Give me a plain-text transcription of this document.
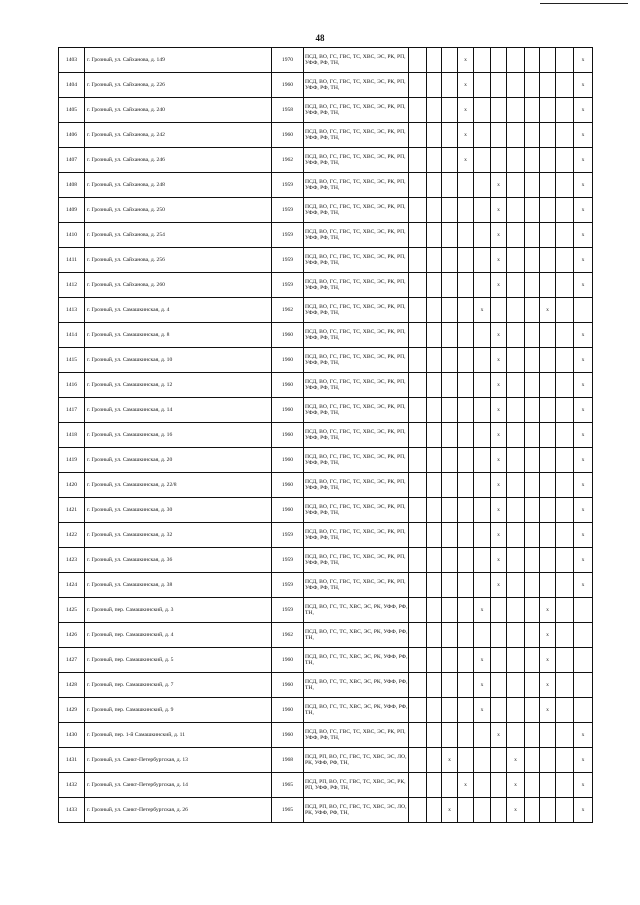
48
1403	г. Грозный, ул. Сайханова, д. 149	1970	ПСД, ВО, ГС, ГВС, ТС, ХВС, ЭС, РК, РП, УФФ, РФ, ТН,				x							x
1404	г. Грозный, ул. Сайханова, д. 226	1960	ПСД, ВО, ГС, ГВС, ТС, ХВС, ЭС, РК, РП, УФФ, РФ, ТН,				x							x
1405	г. Грозный, ул. Сайханова, д. 240	1958	ПСД, ВО, ГС, ГВС, ТС, ХВС, ЭС, РК, РП, УФФ, РФ, ТН,				x							x
1406	г. Грозный, ул. Сайханова, д. 242	1960	ПСД, ВО, ГС, ГВС, ТС, ХВС, ЭС, РК, РП, УФФ, РФ, ТН,				x							x
1407	г. Грозный, ул. Сайханова, д. 246	1962	ПСД, ВО, ГС, ГВС, ТС, ХВС, ЭС, РК, РП, УФФ, РФ, ТН,				x							x
1408	г. Грозный, ул. Сайханова, д. 248	1959	ПСД, ВО, ГС, ГВС, ТС, ХВС, ЭС, РК, РП, УФФ, РФ, ТН,						x					x
1409	г. Грозный, ул. Сайханова, д. 250	1959	ПСД, ВО, ГС, ГВС, ТС, ХВС, ЭС, РК, РП, УФФ, РФ, ТН,						x					x
1410	г. Грозный, ул. Сайханова, д. 254	1959	ПСД, ВО, ГС, ГВС, ТС, ХВС, ЭС, РК, РП, УФФ, РФ, ТН,						x					x
1411	г. Грозный, ул. Сайханова, д. 256	1959	ПСД, ВО, ГС, ГВС, ТС, ХВС, ЭС, РК, РП, УФФ, РФ, ТН,						x					x
1412	г. Грозный, ул. Сайханова, д. 260	1959	ПСД, ВО, ГС, ГВС, ТС, ХВС, ЭС, РК, РП, УФФ, РФ, ТН,						x					x
1413	г. Грозный, ул. Самашкинская, д. 4	1962	ПСД, ВО, ГС, ГВС, ТС, ХВС, ЭС, РК, РП, УФФ, РФ, ТН,					x				x		
1414	г. Грозный, ул. Самашкинская, д. 8	1960	ПСД, ВО, ГС, ГВС, ТС, ХВС, ЭС, РК, РП, УФФ, РФ, ТН,						x					x
1415	г. Грозный, ул. Самашкинская, д. 10	1960	ПСД, ВО, ГС, ГВС, ТС, ХВС, ЭС, РК, РП, УФФ, РФ, ТН,						x					x
1416	г. Грозный, ул. Самашкинская, д. 12	1960	ПСД, ВО, ГС, ГВС, ТС, ХВС, ЭС, РК, РП, УФФ, РФ, ТН,						x					x
1417	г. Грозный, ул. Самашкинская, д. 14	1960	ПСД, ВО, ГС, ГВС, ТС, ХВС, ЭС, РК, РП, УФФ, РФ, ТН,						x					x
1418	г. Грозный, ул. Самашкинская, д. 16	1960	ПСД, ВО, ГС, ГВС, ТС, ХВС, ЭС, РК, РП, УФФ, РФ, ТН,						x					x
1419	г. Грозный, ул. Самашкинская, д. 20	1960	ПСД, ВО, ГС, ГВС, ТС, ХВС, ЭС, РК, РП, УФФ, РФ, ТН,						x					x
1420	г. Грозный, ул. Самашкинская, д. 22/8	1960	ПСД, ВО, ГС, ГВС, ТС, ХВС, ЭС, РК, РП, УФФ, РФ, ТН,						x					x
1421	г. Грозный, ул. Самашкинская, д. 30	1960	ПСД, ВО, ГС, ГВС, ТС, ХВС, ЭС, РК, РП, УФФ, РФ, ТН,						x					x
1422	г. Грозный, ул. Самашкинская, д. 32	1959	ПСД, ВО, ГС, ГВС, ТС, ХВС, ЭС, РК, РП, УФФ, РФ, ТН,						x					x
1423	г. Грозный, ул. Самашкинская, д. 36	1959	ПСД, ВО, ГС, ГВС, ТС, ХВС, ЭС, РК, РП, УФФ, РФ, ТН,						x					x
1424	г. Грозный, ул. Самашкинская, д. 38	1959	ПСД, ВО, ГС, ГВС, ТС, ХВС, ЭС, РК, РП, УФФ, РФ, ТН,						x					x
1425	г. Грозный, пер. Самашкинский, д. 3	1959	ПСД, ВО, ГС, ТС, ХВС, ЭС, РК, УФФ, РФ, ТН,					x				x		
1426	г. Грозный, пер. Самашкинский, д. 4	1962	ПСД, ВО, ГС, ТС, ХВС, ЭС, РК, УФФ, РФ, ТН,									x		
1427	г. Грозный, пер. Самашкинский, д. 5	1960	ПСД, ВО, ГС, ТС, ХВС, ЭС, РК, УФФ, РФ, ТН,					x				x		
1428	г. Грозный, пер. Самашкинский, д. 7	1960	ПСД, ВО, ГС, ТС, ХВС, ЭС, РК, УФФ, РФ, ТН,					x				x		
1429	г. Грозный, пер. Самашкинский, д. 9	1960	ПСД, ВО, ГС, ТС, ХВС, ЭС, РК, УФФ, РФ, ТН,					x				x		
1430	г. Грозный, пер. 1-й Самашкинский, д. 11	1960	ПСД, ВО, ГС, ГВС, ТС, ХВС, ЭС, РК, РП, УФФ, РФ, ТН,						x					x
1431	г. Грозный, ул. Санкт-Петербургская, д. 13	1968	ПСД, РП, ВО, ГС, ГВС, ТС, ХВС, ЭС, ЛО, РК, УФФ, РФ, ТН,			x				x				x
1432	г. Грозный, ул. Санкт-Петербургская, д. 14	1965	ПСД, РП, ВО, ГС, ГВС, ТС, ХВС, ЭС, РК, РП, УФФ, РФ, ТН,				x			x				x
1433	г. Грозный, ул. Санкт-Петербургская, д. 26	1965	ПСД, РП, ВО, ГС, ГВС, ТС, ХВС, ЭС, ЛО, РК, УФФ, РФ, ТН,			x				x				x
